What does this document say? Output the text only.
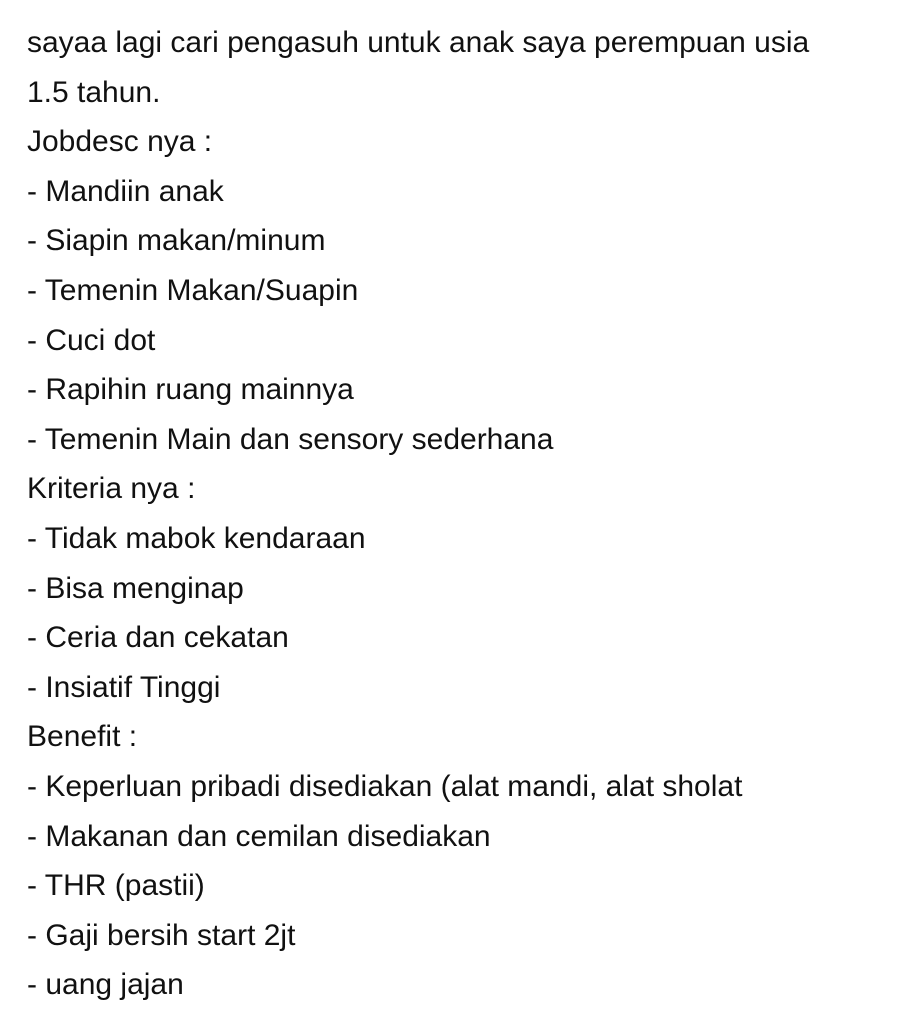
sayaa lagi cari pengasuh untuk anak saya perempuan usia
1.5 tahun.
Jobdesc nya :
- Mandiin anak
- Siapin makan/minum
- Temenin Makan/Suapin
- Cuci dot
- Rapihin ruang mainnya
- Temenin Main dan sensory sederhana
Kriteria nya :
- Tidak mabok kendaraan
- Bisa menginap
- Ceria dan cekatan
- Insiatif Tinggi
Benefit :
- Keperluan pribadi disediakan (alat mandi, alat sholat
- Makanan dan cemilan disediakan
- THR (pastii)
- Gaji bersih start 2jt
- uang jajan
